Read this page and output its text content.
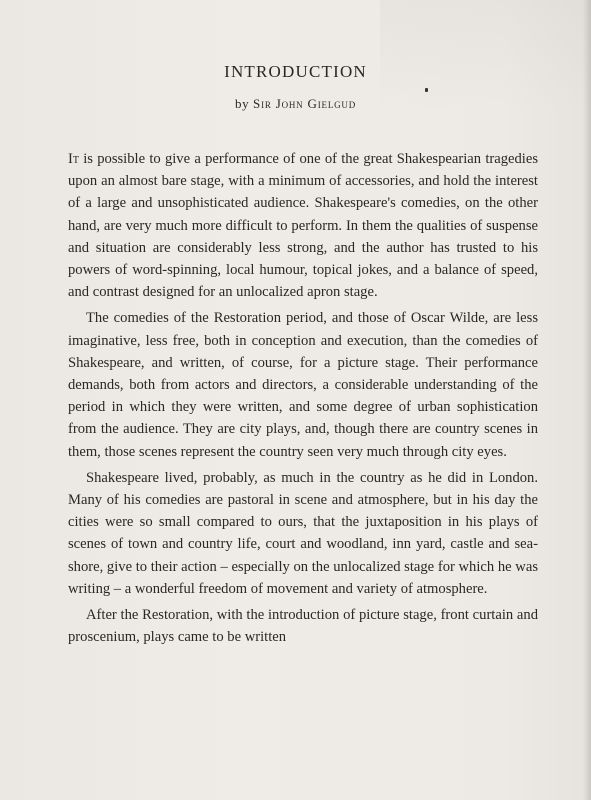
INTRODUCTION
by Sir John Gielgud

It is possible to give a performance of one of the great Shakespearian tragedies upon an almost bare stage, with a minimum of accessories, and hold the interest of a large and unsophisticated audience. Shakespeare's comedies, on the other hand, are very much more difficult to perform. In them the qualities of suspense and situation are considerably less strong, and the author has trusted to his powers of word-spinning, local humour, topical jokes, and a balance of speed, and contrast designed for an unlocalized apron stage.

The comedies of the Restoration period, and those of Oscar Wilde, are less imaginative, less free, both in conception and execution, than the comedies of Shakespeare, and written, of course, for a picture stage. Their performance demands, both from actors and directors, a considerable understanding of the period in which they were written, and some degree of urban sophistication from the audience. They are city plays, and, though there are country scenes in them, those scenes represent the country seen very much through city eyes.

Shakespeare lived, probably, as much in the country as he did in London. Many of his comedies are pastoral in scene and atmosphere, but in his day the cities were so small compared to ours, that the juxtaposition in his plays of scenes of town and country life, court and woodland, inn yard, castle and sea-shore, give to their action – especially on the unlocalized stage for which he was writing – a wonderful freedom of movement and variety of atmosphere.

After the Restoration, with the introduction of picture stage, front curtain and proscenium, plays came to be written
